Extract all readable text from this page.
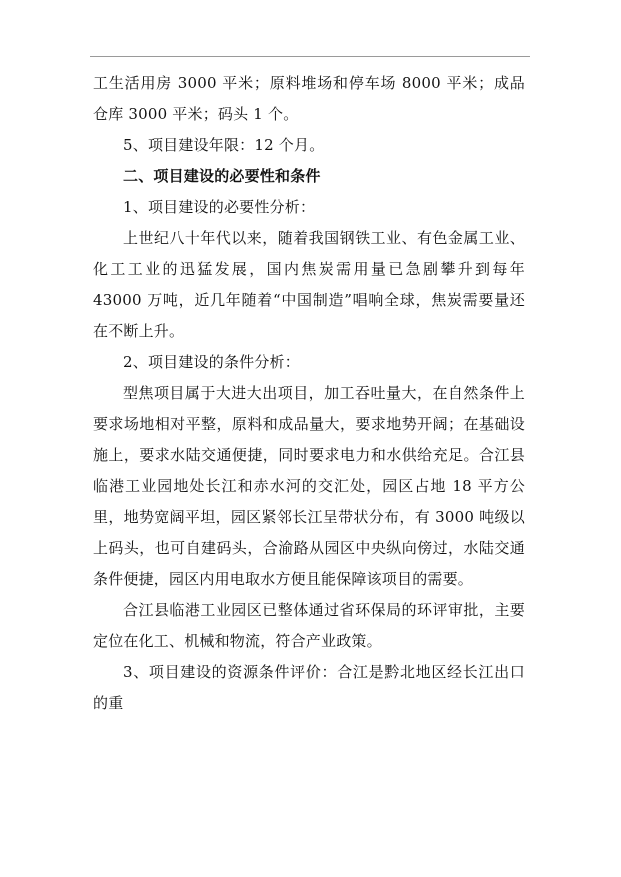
工生活用房 3000 平米；原料堆场和停车场 8000 平米；成品仓库 3000 平米；码头 1 个。

5、项目建设年限：12 个月。

二、项目建设的必要性和条件

1、项目建设的必要性分析：

上世纪八十年代以来，随着我国钢铁工业、有色金属工业、化工工业的迅猛发展，国内焦炭需用量已急剧攀升到每年 43000 万吨，近几年随着“中国制造”唱响全球，焦炭需要量还在不断上升。

2、项目建设的条件分析：

型焦项目属于大进大出项目，加工吞吐量大，在自然条件上要求场地相对平整，原料和成品量大，要求地势开阔；在基础设施上，要求水陆交通便捷，同时要求电力和水供给充足。合江县临港工业园地处长江和赤水河的交汇处，园区占地 18 平方公里，地势宽阔平坦，园区紧邻长江呈带状分布，有 3000 吨级以上码头，也可自建码头，合渝路从园区中央纵向傍过，水陆交通条件便捷，园区内用电取水方便且能保障该项目的需要。

合江县临港工业园区已整体通过省环保局的环评审批，主要定位在化工、机械和物流，符合产业政策。

3、项目建设的资源条件评价：合江是黔北地区经长江出口的重
